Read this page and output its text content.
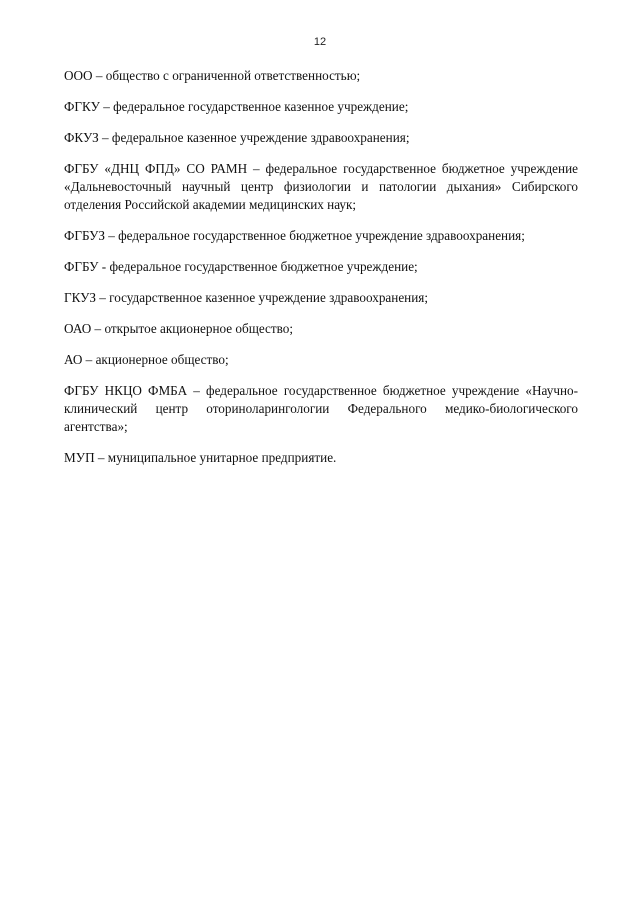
12

ООО – общество с ограниченной ответственностью;

ФГКУ – федеральное государственное казенное учреждение;

ФКУЗ – федеральное казенное учреждение здравоохранения;

ФГБУ «ДНЦ ФПД» СО РАМН – федеральное государственное бюджетное учреждение «Дальневосточный научный центр физиологии и патологии дыхания» Сибирского отделения Российской академии медицинских наук;

ФГБУЗ – федеральное государственное бюджетное учреждение здравоохранения;

ФГБУ - федеральное государственное бюджетное учреждение;

ГКУЗ – государственное казенное учреждение здравоохранения;

ОАО – открытое акционерное общество;

АО – акционерное общество;

ФГБУ НКЦО ФМБА – федеральное государственное бюджетное учреждение «Научно-клинический центр оториноларингологии Федерального медико-биологического агентства»;

МУП – муниципальное унитарное предприятие.
